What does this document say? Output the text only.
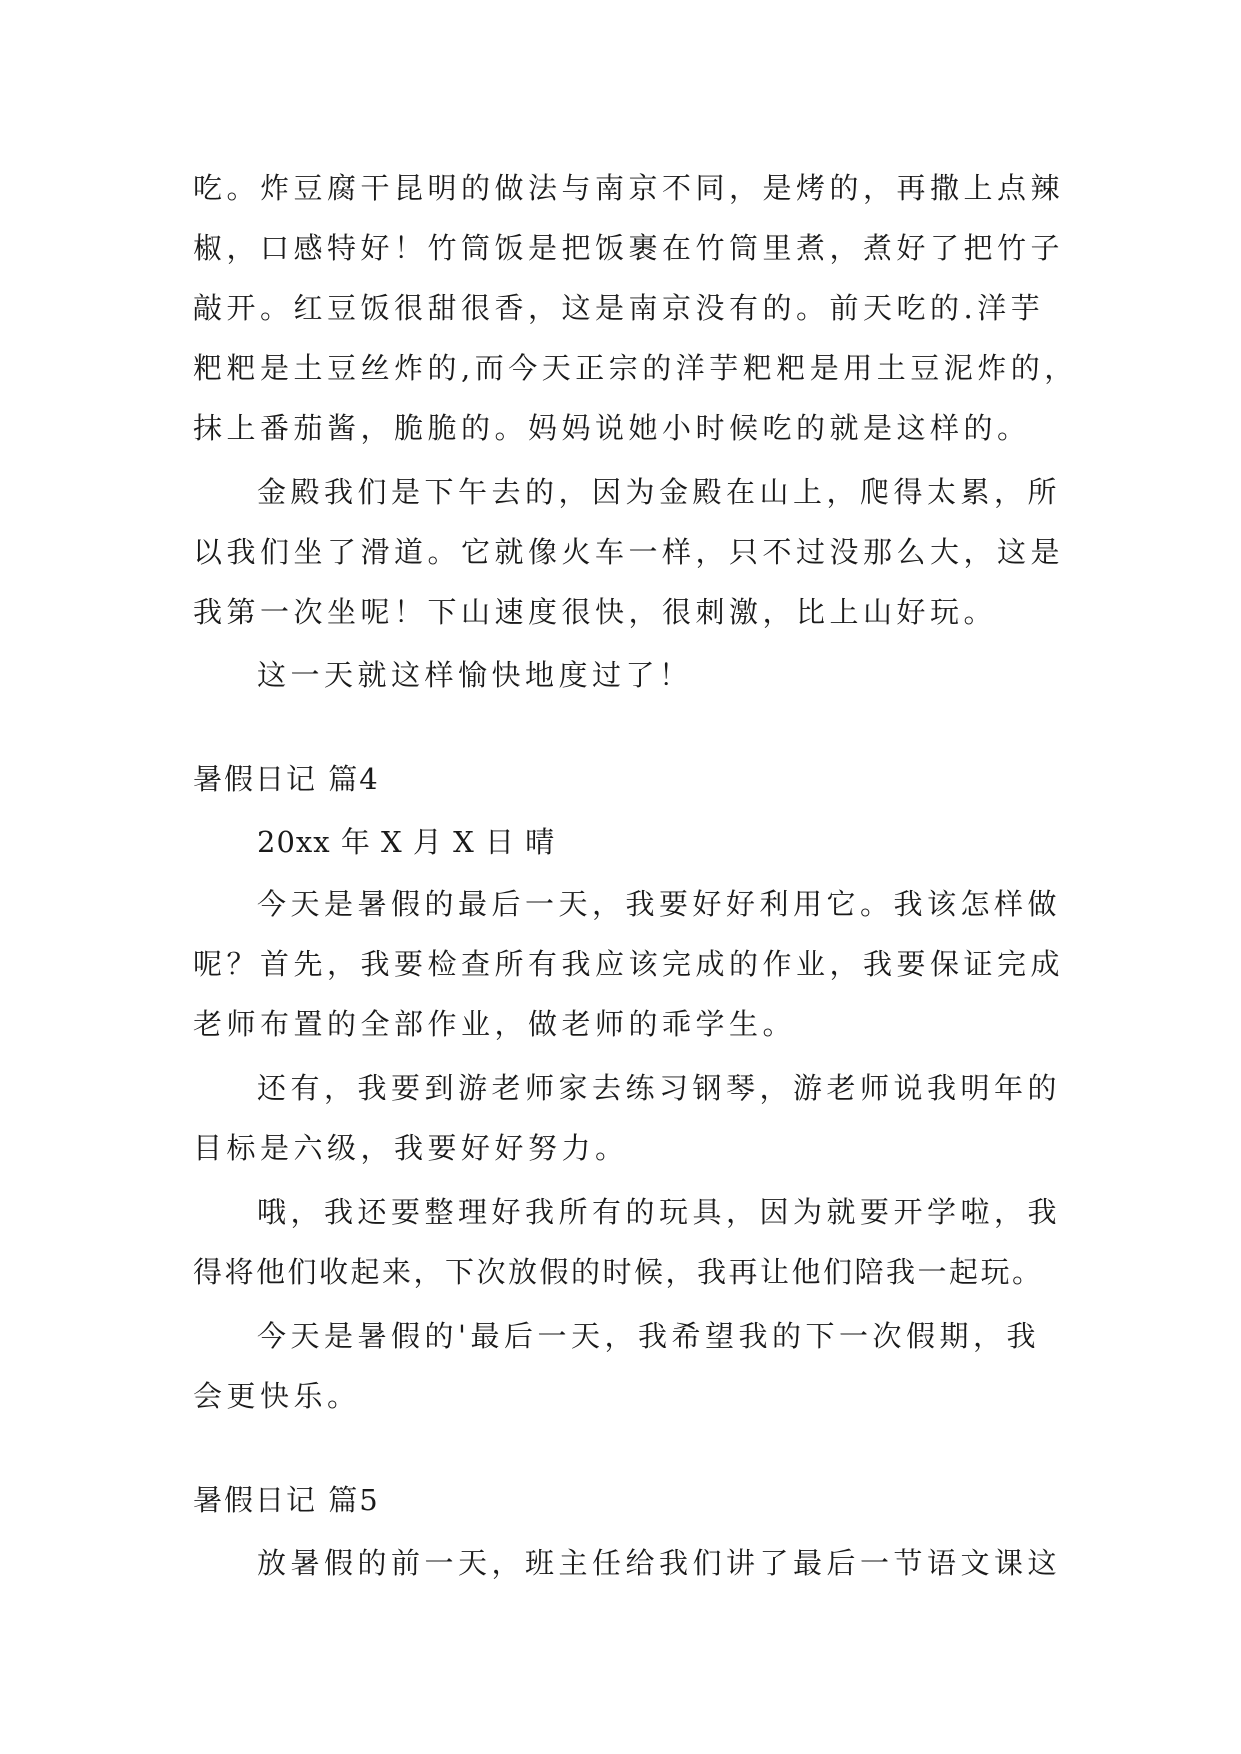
吃。炸豆腐干昆明的做法与南京不同，是烤的，再撒上点辣
椒，口感特好！竹筒饭是把饭裹在竹筒里煮，煮好了把竹子
敲开。红豆饭很甜很香，这是南京没有的。前天吃的.洋芋
粑粑是土豆丝炸的,而今天正宗的洋芋粑粑是用土豆泥炸的，
抹上番茄酱，脆脆的。妈妈说她小时候吃的就是这样的。
金殿我们是下午去的，因为金殿在山上，爬得太累，所
以我们坐了滑道。它就像火车一样，只不过没那么大，这是
我第一次坐呢！下山速度很快，很刺激，比上山好玩。
这一天就这样愉快地度过了！
暑假日记 篇4
20xx 年 X 月 X 日 晴
今天是暑假的最后一天，我要好好利用它。我该怎样做
呢？首先，我要检查所有我应该完成的作业，我要保证完成
老师布置的全部作业，做老师的乖学生。
还有，我要到游老师家去练习钢琴，游老师说我明年的
目标是六级，我要好好努力。
哦，我还要整理好我所有的玩具，因为就要开学啦，我
得将他们收起来，下次放假的时候，我再让他们陪我一起玩。
今天是暑假的'最后一天，我希望我的下一次假期，我
会更快乐。
暑假日记 篇5
放暑假的前一天，班主任给我们讲了最后一节语文课这
